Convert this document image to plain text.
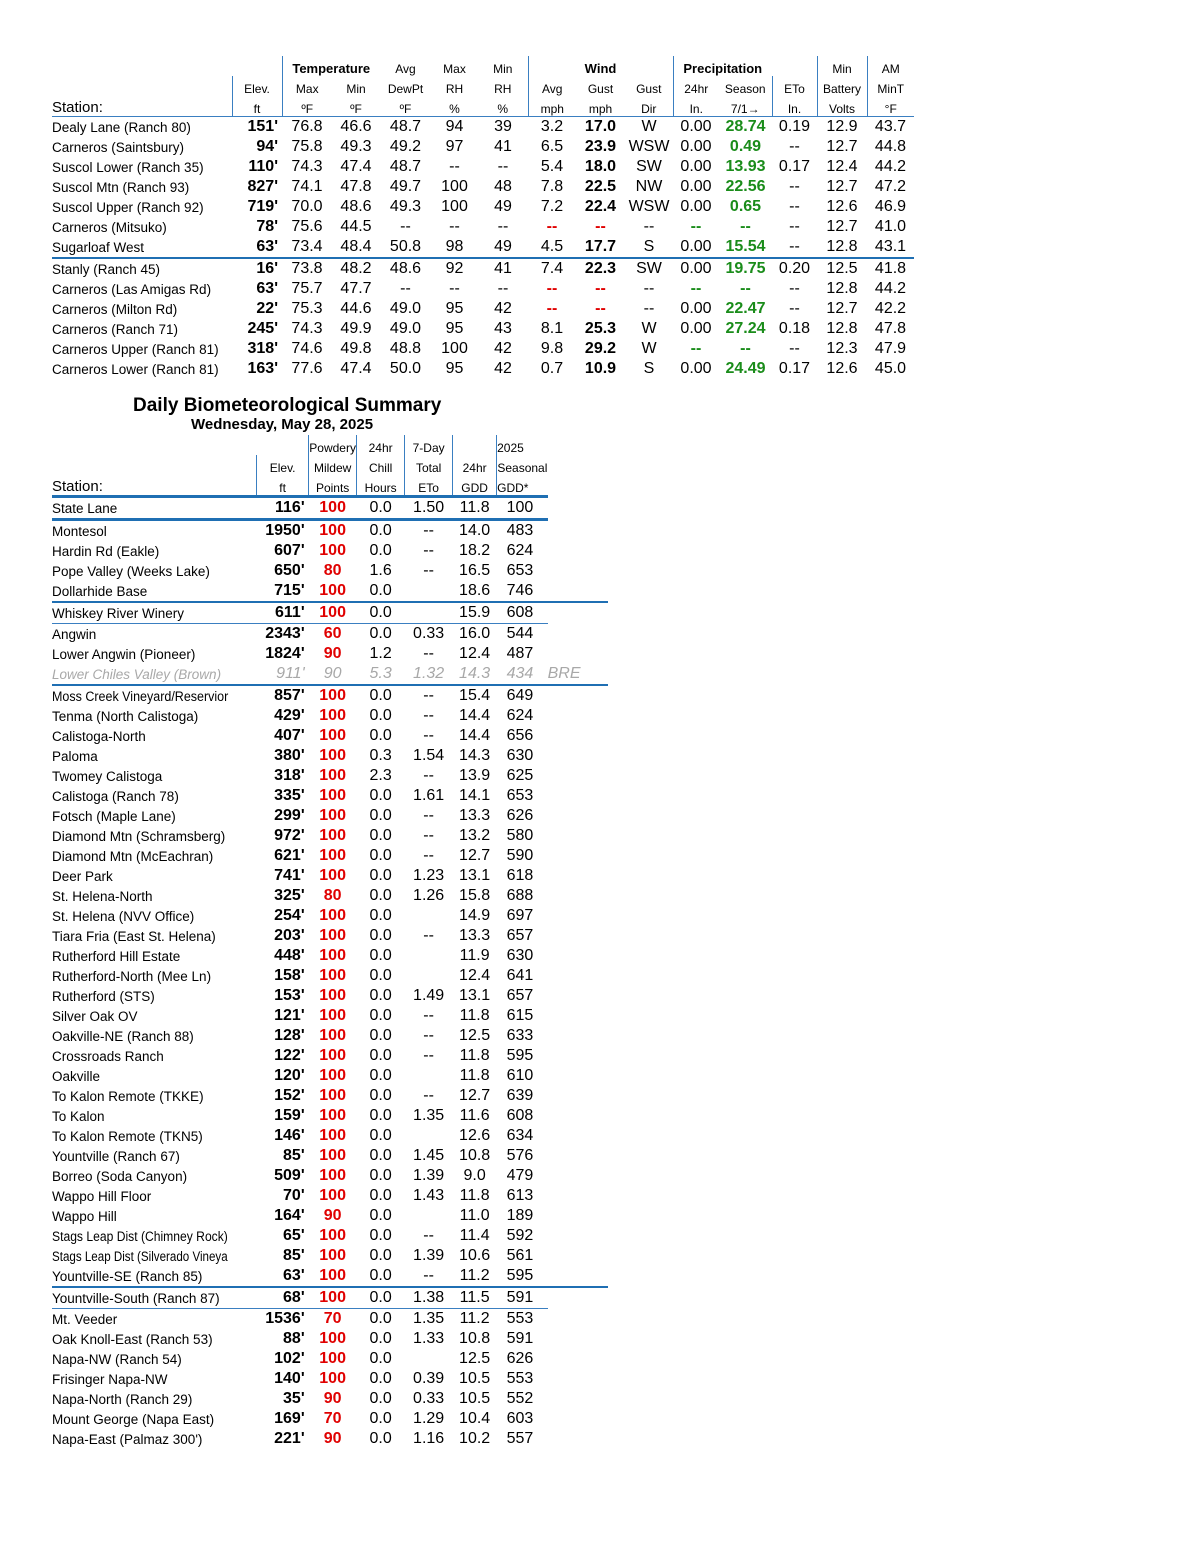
		Temperature		Avg	Max	Min	Wind			Precipitation			Min	AM
	Elev.	Max	Min	DewPt	RH	RH	Avg	Gust	Gust	24hr	Season	ETo	Battery	MinT
Station:	ft	ºF	ºF	ºF	%	%	mph	mph	Dir	In.	7/1→	In.	Volts	°F
Dealy Lane (Ranch 80)	151'	76.8	46.6	48.7	94	39	3.2	17.0	W	0.00	28.74	0.19	12.9	43.7
Carneros (Saintsbury)	94'	75.8	49.3	49.2	97	41	6.5	23.9	WSW	0.00	0.49	--	12.7	44.8
Suscol Lower (Ranch 35)	110'	74.3	47.4	48.7	--	--	5.4	18.0	SW	0.00	13.93	0.17	12.4	44.2
Suscol Mtn (Ranch 93)	827'	74.1	47.8	49.7	100	48	7.8	22.5	NW	0.00	22.56	--	12.7	47.2
Suscol Upper (Ranch 92)	719'	70.0	48.6	49.3	100	49	7.2	22.4	WSW	0.00	0.65	--	12.6	46.9
Carneros (Mitsuko)	78'	75.6	44.5	--	--	--	--	--	--	--	--	--	12.7	41.0
Sugarloaf West	63'	73.4	48.4	50.8	98	49	4.5	17.7	S	0.00	15.54	--	12.8	43.1
Stanly (Ranch 45)	16'	73.8	48.2	48.6	92	41	7.4	22.3	SW	0.00	19.75	0.20	12.5	41.8
Carneros (Las Amigas Rd)	63'	75.7	47.7	--	--	--	--	--	--	--	--	--	12.8	44.2
Carneros (Milton Rd)	22'	75.3	44.6	49.0	95	42	--	--	--	0.00	22.47	--	12.7	42.2
Carneros (Ranch 71)	245'	74.3	49.9	49.0	95	43	8.1	25.3	W	0.00	27.24	0.18	12.8	47.8
Carneros Upper (Ranch 81)	318'	74.6	49.8	48.8	100	42	9.8	29.2	W	--	--	--	12.3	47.9
Carneros Lower (Ranch 81)	163'	77.6	47.4	50.0	95	42	0.7	10.9	S	0.00	24.49	0.17	12.6	45.0
Daily Biometeorological Summary
Wednesday, May 28, 2025
		Powdery	24hr	7-Day		2025	
	Elev.	Mildew	Chill	Total	24hr	Seasonal	
Station:	ft	Points	Hours	ETo	GDD	GDD*	
State Lane	116'	100	0.0	1.50	11.8	100	
Montesol	1950'	100	0.0	--	14.0	483	
Hardin Rd (Eakle)	607'	100	0.0	--	18.2	624	
Pope Valley (Weeks Lake)	650'	80	1.6	--	16.5	653	
Dollarhide Base	715'	100	0.0		18.6	746	
Whiskey River Winery	611'	100	0.0		15.9	608	
Angwin	2343'	60	0.0	0.33	16.0	544	
Lower Angwin (Pioneer)	1824'	90	1.2	--	12.4	487	
Lower Chiles Valley (Brown)	911'	90	5.3	1.32	14.3	434	BRE
Moss Creek Vineyard/Reservior	857'	100	0.0	--	15.4	649	
Tenma (North Calistoga)	429'	100	0.0	--	14.4	624	
Calistoga-North	407'	100	0.0	--	14.4	656	
Paloma	380'	100	0.3	1.54	14.3	630	
Twomey Calistoga	318'	100	2.3	--	13.9	625	
Calistoga (Ranch 78)	335'	100	0.0	1.61	14.1	653	
Fotsch (Maple Lane)	299'	100	0.0	--	13.3	626	
Diamond Mtn (Schramsberg)	972'	100	0.0	--	13.2	580	
Diamond Mtn (McEachran)	621'	100	0.0	--	12.7	590	
Deer Park	741'	100	0.0	1.23	13.1	618	
St. Helena-North	325'	80	0.0	1.26	15.8	688	
St. Helena (NVV Office)	254'	100	0.0		14.9	697	
Tiara Fria (East St. Helena)	203'	100	0.0	--	13.3	657	
Rutherford Hill Estate	448'	100	0.0		11.9	630	
Rutherford-North (Mee Ln)	158'	100	0.0		12.4	641	
Rutherford (STS)	153'	100	0.0	1.49	13.1	657	
Silver Oak OV	121'	100	0.0	--	11.8	615	
Oakville-NE (Ranch 88)	128'	100	0.0	--	12.5	633	
Crossroads Ranch	122'	100	0.0	--	11.8	595	
Oakville	120'	100	0.0		11.8	610	
To Kalon Remote (TKKE)	152'	100	0.0	--	12.7	639	
To Kalon	159'	100	0.0	1.35	11.6	608	
To Kalon Remote (TKN5)	146'	100	0.0		12.6	634	
Yountville (Ranch 67)	85'	100	0.0	1.45	10.8	576	
Borreo (Soda Canyon)	509'	100	0.0	1.39	9.0	479	
Wappo Hill Floor	70'	100	0.0	1.43	11.8	613	
Wappo Hill	164'	90	0.0		11.0	189	
Stags Leap Dist (Chimney Rock)	65'	100	0.0	--	11.4	592	
Stags Leap Dist (Silverado Vineya	85'	100	0.0	1.39	10.6	561	
Yountville-SE (Ranch 85)	63'	100	0.0	--	11.2	595	
Yountville-South (Ranch 87)	68'	100	0.0	1.38	11.5	591	
Mt. Veeder	1536'	70	0.0	1.35	11.2	553	
Oak Knoll-East (Ranch 53)	88'	100	0.0	1.33	10.8	591	
Napa-NW (Ranch 54)	102'	100	0.0		12.5	626	
Frisinger Napa-NW	140'	100	0.0	0.39	10.5	553	
Napa-North (Ranch 29)	35'	90	0.0	0.33	10.5	552	
Mount George (Napa East)	169'	70	0.0	1.29	10.4	603	
Napa-East (Palmaz 300')	221'	90	0.0	1.16	10.2	557	
